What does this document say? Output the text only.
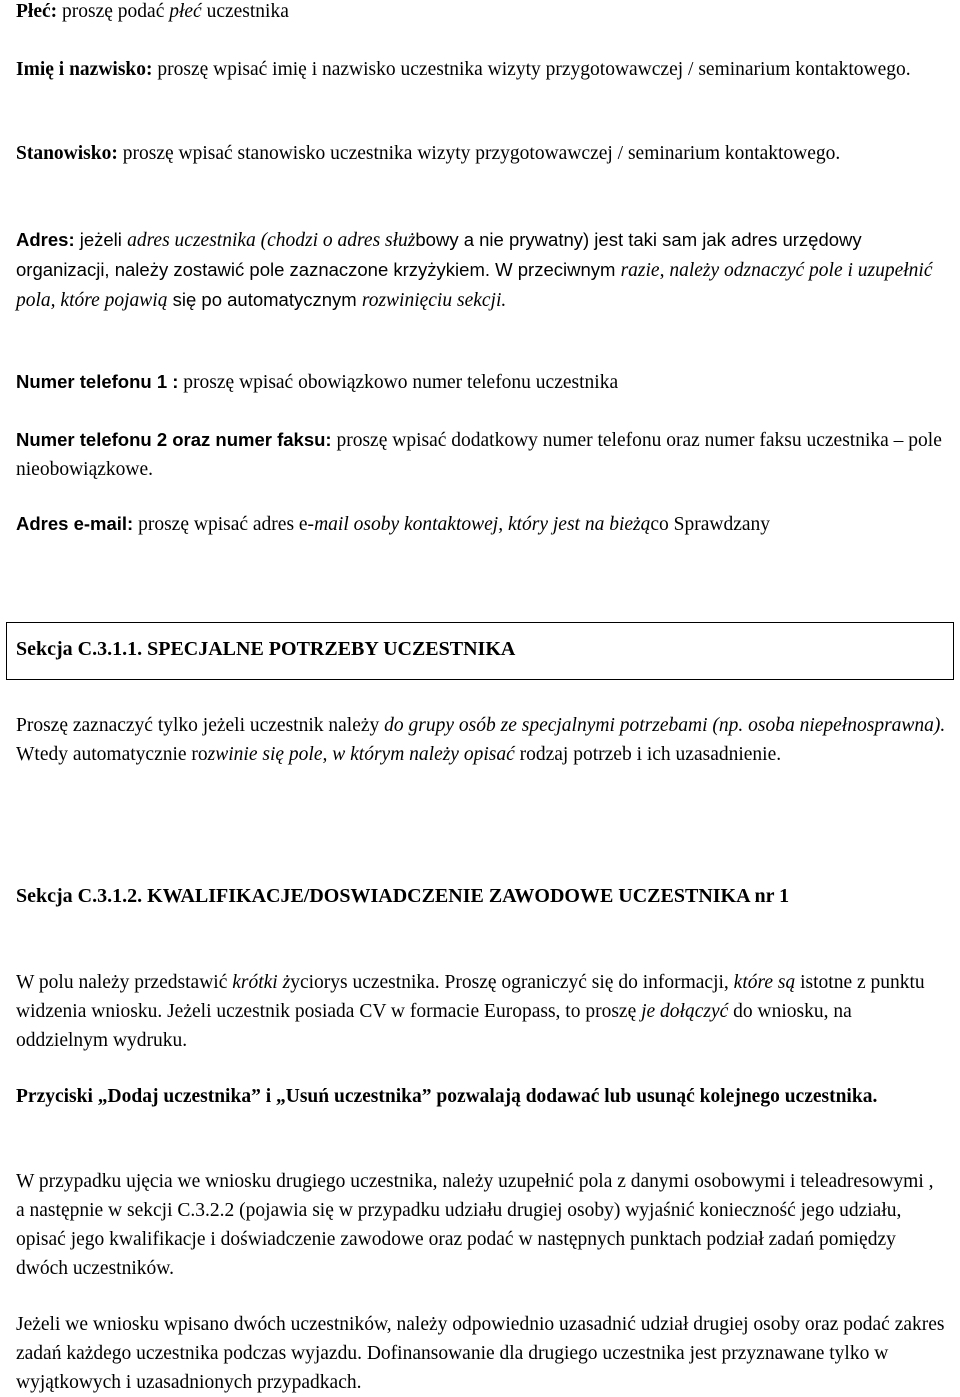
Płeć: proszę podać płeć uczestnika

Imię i nazwisko: proszę wpisać imię i nazwisko uczestnika wizyty przygotowawczej / seminarium kontaktowego.

Stanowisko: proszę wpisać stanowisko uczestnika wizyty przygotowawczej / seminarium kontaktowego.

Adres: jeżeli adres uczestnika (chodzi o adres służbowy a nie prywatny) jest taki sam jak adres urzędowy organizacji, należy zostawić pole zaznaczone krzyżykiem. W przeciwnym razie, należy odznaczyć pole i uzupełnić pola, które pojawią się po automatycznym rozwinięciu sekcji.

Numer telefonu 1 : proszę wpisać obowiązkowo numer telefonu uczestnika

Numer telefonu 2 oraz numer faksu: proszę wpisać dodatkowy numer telefonu oraz numer faksu uczestnika – pole nieobowiązkowe.

Adres e-mail: proszę wpisać adres e-mail osoby kontaktowej, który jest na bieżąco Sprawdzany

Sekcja C.3.1.1. SPECJALNE POTRZEBY UCZESTNIKA

Proszę zaznaczyć tylko jeżeli uczestnik należy do grupy osób ze specjalnymi potrzebami (np. osoba niepełnosprawna). Wtedy automatycznie rozwinie się pole, w którym należy opisać rodzaj potrzeb i ich uzasadnienie.

Sekcja C.3.1.2. KWALIFIKACJE/DOSWIADCZENIE ZAWODOWE UCZESTNIKA nr 1

W polu należy przedstawić krótki życiorys uczestnika. Proszę ograniczyć się do informacji, które są istotne z punktu widzenia wniosku. Jeżeli uczestnik posiada CV w formacie Europass, to proszę je dołączyć do wniosku, na oddzielnym wydruku.

Przyciski „Dodaj uczestnika” i „Usuń uczestnika” pozwalają dodawać lub usunąć kolejnego uczestnika.

W przypadku ujęcia we wniosku drugiego uczestnika, należy uzupełnić pola z danymi osobowymi i teleadresowymi , a następnie w sekcji C.3.2.2 (pojawia się w przypadku udziału drugiej osoby) wyjaśnić konieczność jego udziału, opisać jego kwalifikacje i doświadczenie zawodowe oraz podać w następnych punktach podział zadań pomiędzy dwóch uczestników.

Jeżeli we wniosku wpisano dwóch uczestników, należy odpowiednio uzasadnić udział drugiej osoby oraz podać zakres zadań każdego uczestnika podczas wyjazdu. Dofinansowanie dla drugiego uczestnika jest przyznawane tylko w wyjątkowych i uzasadnionych przypadkach.
